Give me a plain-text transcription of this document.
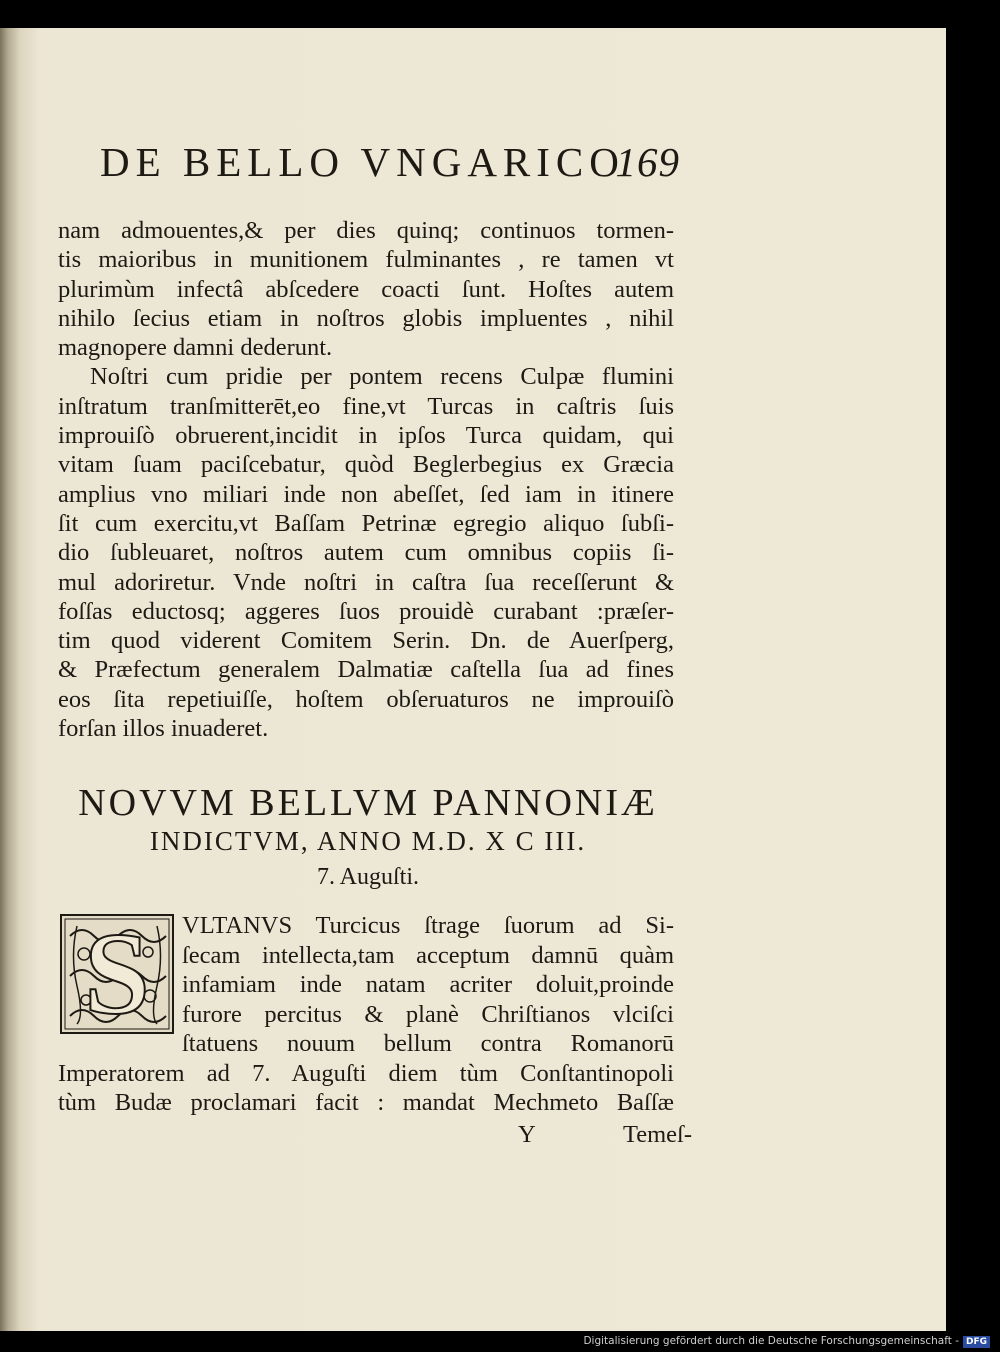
DE BELLO VNGARICO
169
nam admouentes,& per dies quinq; continuos tormen-
tis maioribus in munitionem fulminantes , re tamen vt
plurimùm infectâ abſcedere coacti ſunt. Hoſtes autem
nihilo ſecius etiam in noſtros globis impluentes , nihil
magnopere damni dederunt.
Noſtri cum pridie per pontem recens Culpæ flumini
inſtratum tranſmitterēt,eo fine,vt Turcas in caſtris ſuis
improuiſò obruerent,incidit in ipſos Turca quidam, qui
vitam ſuam paciſcebatur, quòd Beglerbegius ex Græcia
amplius vno miliari inde non abeſſet, ſed iam in itinere
ſit cum exercitu,vt Baſſam Petrinæ egregio aliquo ſubſi-
dio ſubleuaret, noſtros autem cum omnibus copiis ſi-
mul adoriretur. Vnde noſtri in caſtra ſua receſſerunt &
foſſas eductosq; aggeres ſuos prouidè curabant :præſer-
tim quod viderent Comitem Serin. Dn. de Auerſperg,
& Præfectum generalem Dalmatiæ caſtella ſua ad fines
eos ſita repetiuiſſe, hoſtem obſeruaturos ne improuiſò
forſan illos inuaderet.
NOVVM BELLVM PANNONIÆ
INDICTVM, ANNO M.D. X C III.
7. Auguſti.
S	VLTANVS Turcicus ſtrage ſuorum ad Si-
ſecam intellecta,tam acceptum damnū quàm
infamiam inde natam acriter doluit,proinde
furore percitus & planè Chriſtianos vlciſci
ſtatuens nouum bellum contra Romanorū
Imperatorem ad 7. Auguſti diem tùm Conſtantinopoli
tùm Budæ proclamari facit : mandat Mechmeto Baſſæ
Y	Temeſ-
Digitalisierung gefördert durch die Deutsche Forschungsgemeinschaft - DFG
